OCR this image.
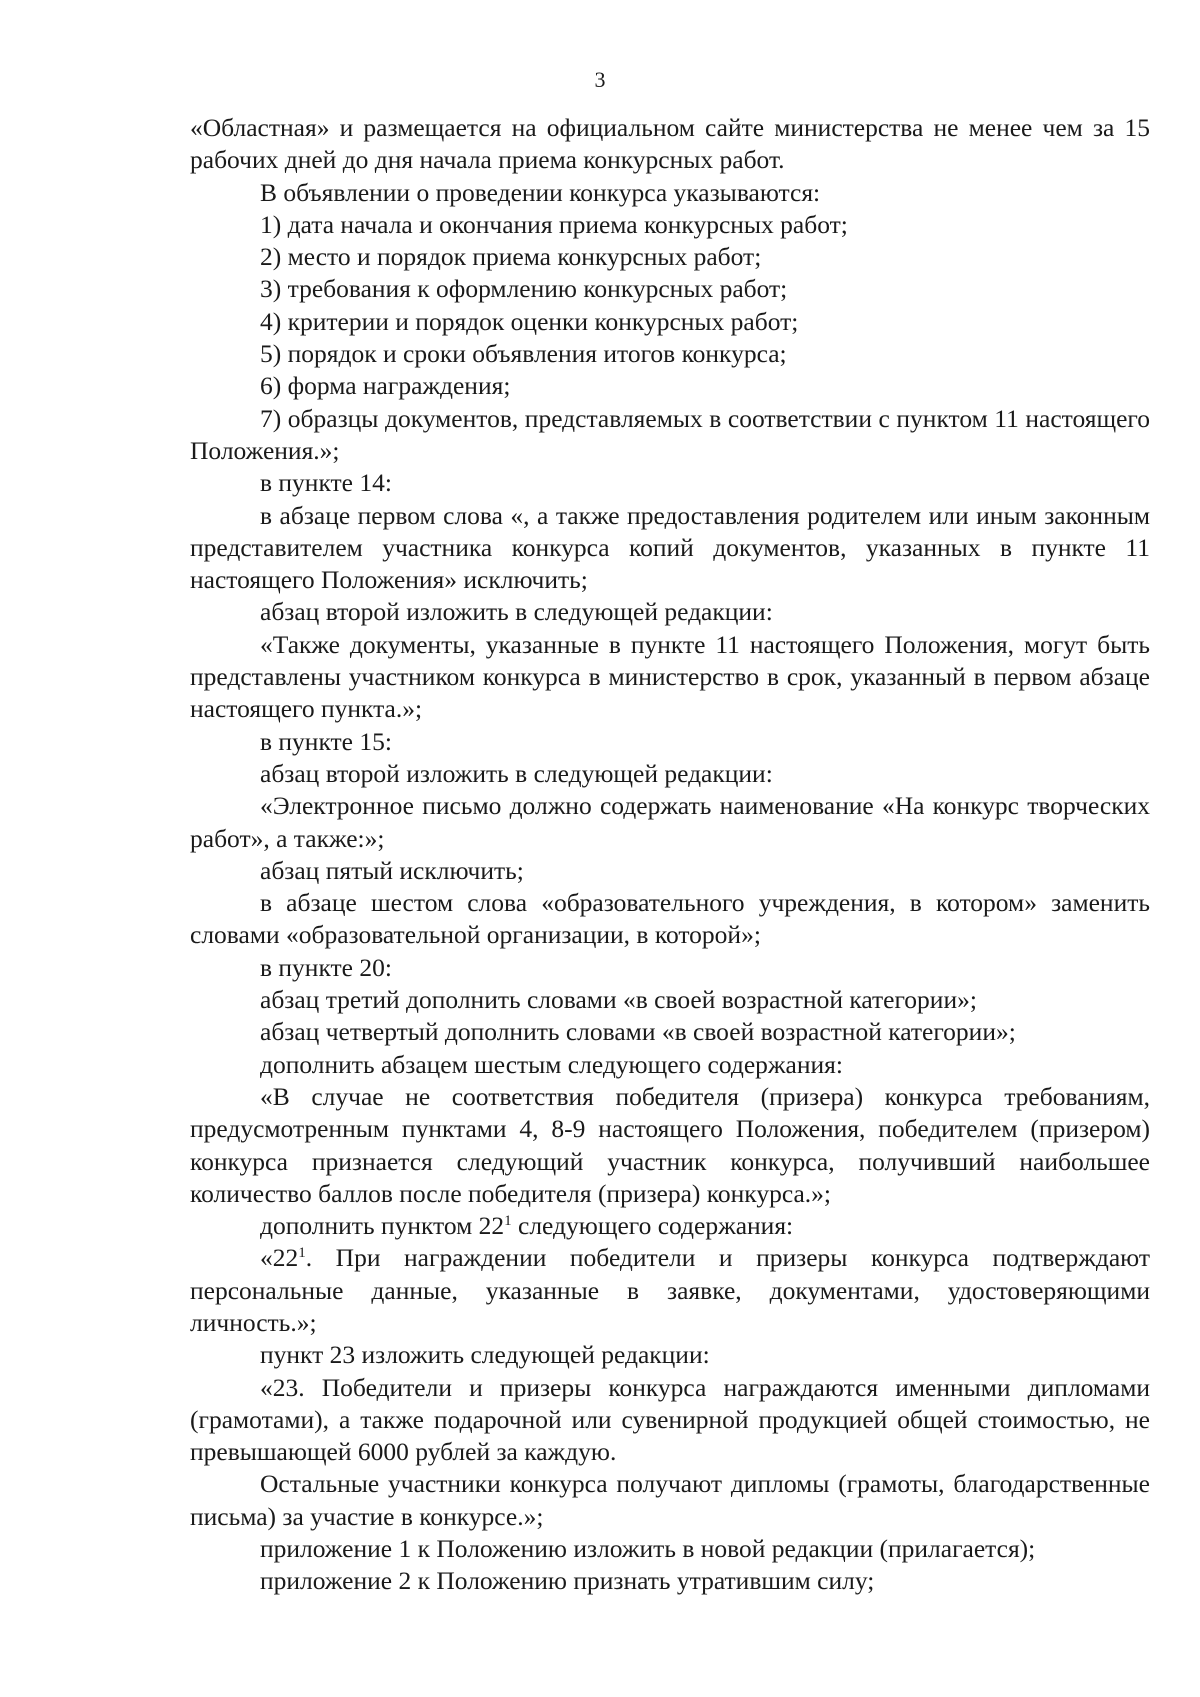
3

«Областная» и размещается на официальном сайте министерства не менее чем за 15 рабочих дней до дня начала приема конкурсных работ.

В объявлении о проведении конкурса указываются:

1) дата начала и окончания приема конкурсных работ;

2) место и порядок приема конкурсных работ;

3) требования к оформлению конкурсных работ;

4) критерии и порядок оценки конкурсных работ;

5) порядок и сроки объявления итогов конкурса;

6) форма награждения;

7) образцы документов, представляемых в соответствии с пунктом 11 настоящего Положения.»;

в пункте 14:

в абзаце первом слова «, а также предоставления родителем или иным законным представителем участника конкурса копий документов, указанных в пункте 11 настоящего Положения» исключить;

абзац второй изложить в следующей редакции:

«Также документы, указанные в пункте 11 настоящего Положения, могут быть представлены участником конкурса в министерство в срок, указанный в первом абзаце настоящего пункта.»;

в пункте 15:

абзац второй изложить в следующей редакции:

«Электронное письмо должно содержать наименование «На конкурс творческих работ», а также:»;

абзац пятый исключить;

в абзаце шестом слова «образовательного учреждения, в котором» заменить словами «образовательной организации, в которой»;

в пункте 20:

абзац третий дополнить словами «в своей возрастной категории»;

абзац четвертый дополнить словами «в своей возрастной категории»;

дополнить абзацем шестым следующего содержания:

«В случае не соответствия победителя (призера) конкурса требованиям, предусмотренным пунктами 4, 8-9 настоящего Положения, победителем (призером) конкурса признается следующий участник конкурса, получивший наибольшее количество баллов после победителя (призера) конкурса.»;

дополнить пунктом $22^1$ следующего содержания:

«$22^1$. При награждении победители и призеры конкурса подтверждают персональные данные, указанные в заявке, документами, удостоверяющими личность.»;

пункт 23 изложить следующей редакции:

«23. Победители и призеры конкурса награждаются именными дипломами (грамотами), а также подарочной или сувенирной продукцией общей стоимостью, не превышающей 6000 рублей за каждую.

Остальные участники конкурса получают дипломы (грамоты, благодарственные письма) за участие в конкурсе.»;

приложение 1 к Положению изложить в новой редакции (прилагается);

приложение 2 к Положению признать утратившим силу;
